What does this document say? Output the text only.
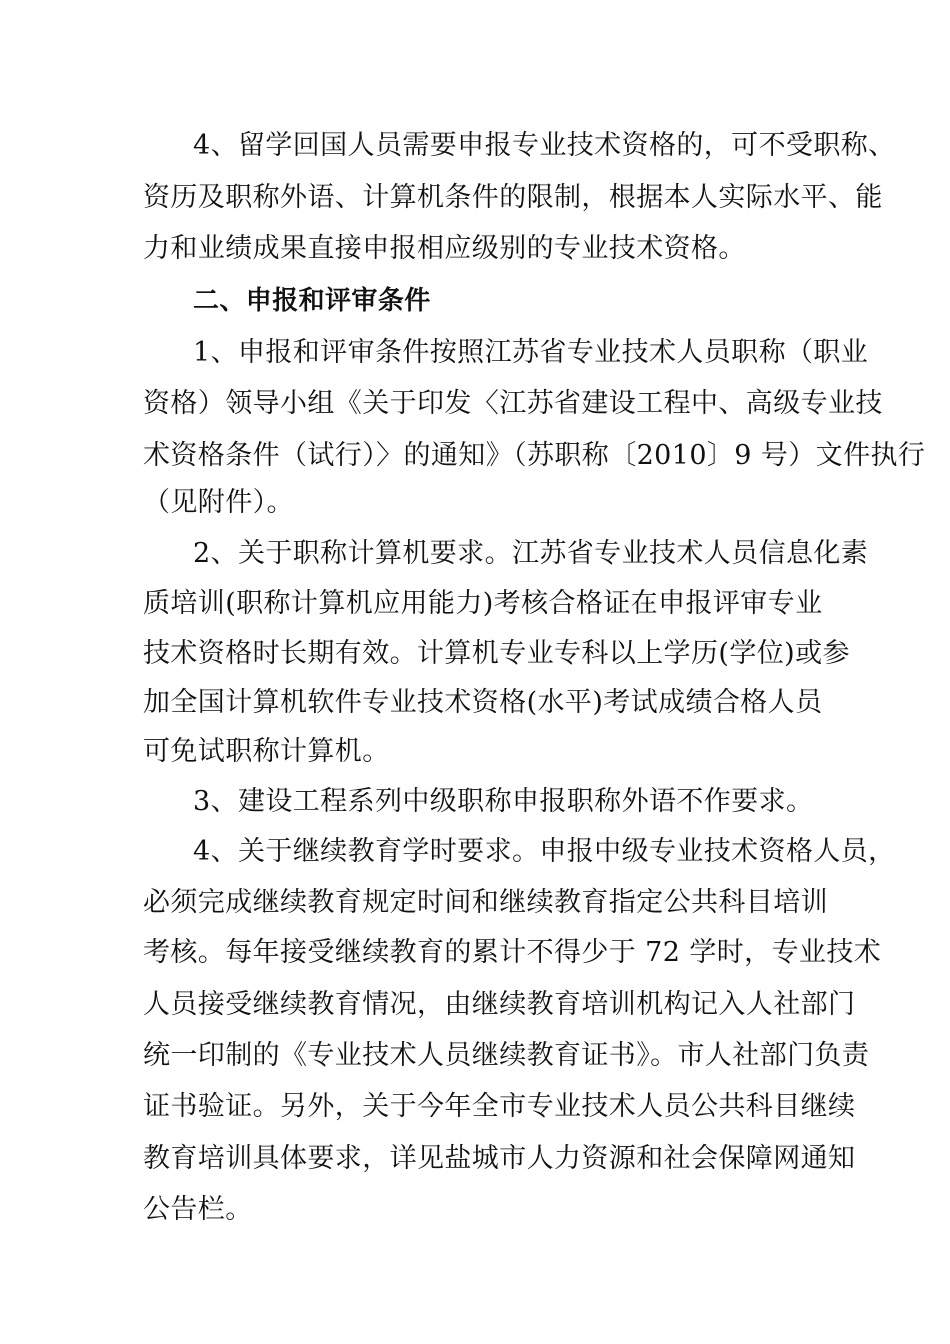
4、留学回国人员需要申报专业技术资格的，可不受职称、
资历及职称外语、计算机条件的限制，根据本人实际水平、能
力和业绩成果直接申报相应级别的专业技术资格。
二、申报和评审条件
1、申报和评审条件按照江苏省专业技术人员职称（职业
资格）领导小组《关于印发〈江苏省建设工程中、高级专业技
术资格条件（试行）〉的通知》（苏职称〔2010〕9 号）文件执行
（见附件）。
2、关于职称计算机要求。江苏省专业技术人员信息化素
质培训(职称计算机应用能力)考核合格证在申报评审专业
技术资格时长期有效。计算机专业专科以上学历(学位)或参
加全国计算机软件专业技术资格(水平)考试成绩合格人员
可免试职称计算机。
3、建设工程系列中级职称申报职称外语不作要求。
4、关于继续教育学时要求。申报中级专业技术资格人员，
必须完成继续教育规定时间和继续教育指定公共科目培训
考核。每年接受继续教育的累计不得少于 72 学时，专业技术
人员接受继续教育情况，由继续教育培训机构记入人社部门
统一印制的《专业技术人员继续教育证书》。市人社部门负责
证书验证。另外，关于今年全市专业技术人员公共科目继续
教育培训具体要求，详见盐城市人力资源和社会保障网通知
公告栏。
